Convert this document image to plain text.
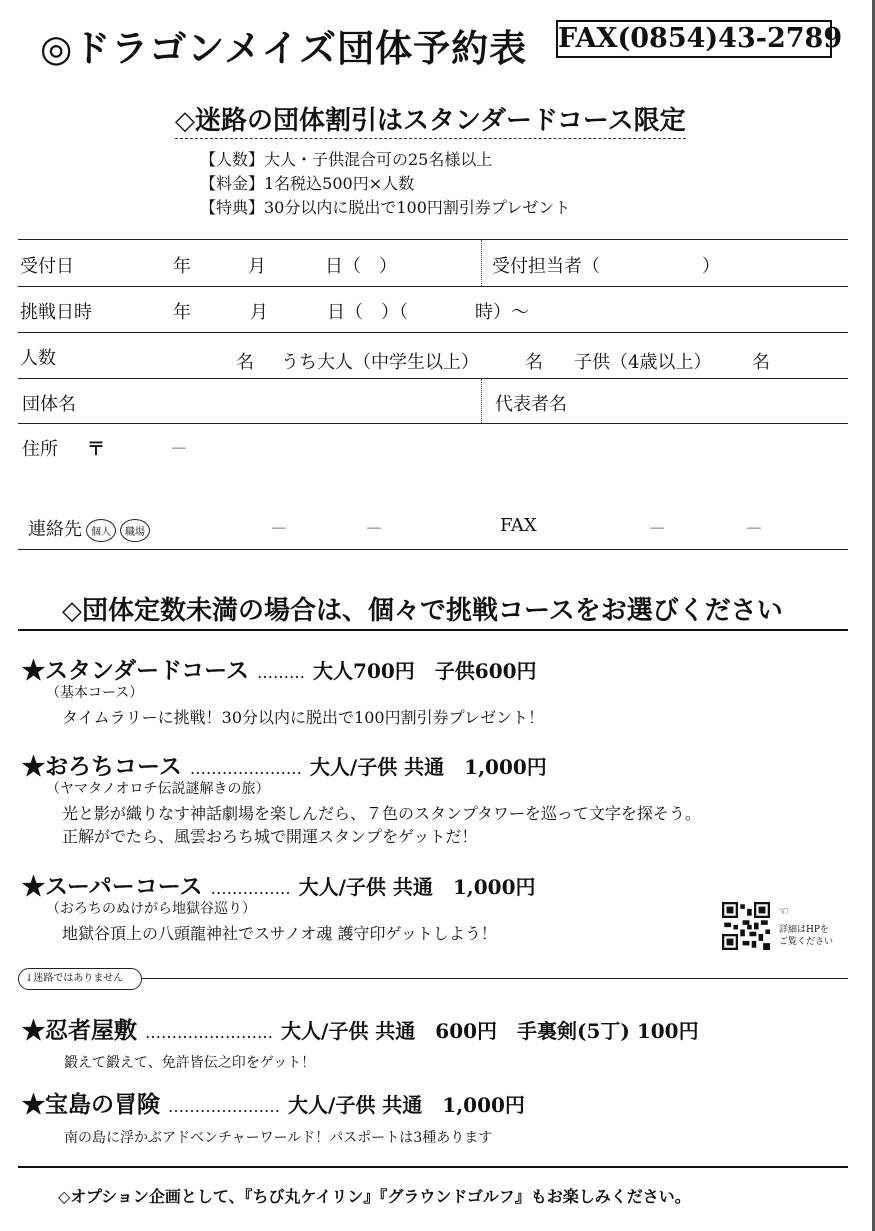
◎ドラゴンメイズ団体予約表 FAX(0854)43-2789
◇迷路の団体割引はスタンダードコース限定
【人数】大人・子供混合可の25名様以上
【料金】1名税込500円×人数
【特典】30分以内に脱出で100円割引券プレゼント
受付日	年	月	日（　）	受付担当者（	）
挑戦日時	年	月	日（　）（	時）～
人数	名 うち大人（中学生以上）	名 子供（4歳以上） 名
団体名	代表者名
住所 〒	－
連絡先 個人 職場	－	－	FAX	－	－
◇団体定数未満の場合は、個々で挑戦コースをお選びください
★スタンダードコース ……… 大人700円　子供600円
（基本コース）
タイムラリーに挑戦！30分以内に脱出で100円割引券プレゼント！
★おろちコース ………………… 大人/子供 共通　1,000円
（ヤマタノオロチ伝説謎解きの旅）
光と影が織りなす神話劇場を楽しんだら、７色のスタンプタワーを巡って文字を探そう。
正解がでたら、風雲おろち城で開運スタンプをゲットだ！
★スーパーコース …………… 大人/子供 共通　1,000円
（おろちのぬけがら地獄谷巡り）
地獄谷頂上の八頭龍神社でスサノオ魂 護守印ゲットしよう！
☜
詳細はHPを
ご覧ください
↓迷路ではありません
★忍者屋敷 …………………… 大人/子供 共通　600円　手裏剣(5丁) 100円
鍛えて鍛えて、免許皆伝之印をゲット！
★宝島の冒険 ………………… 大人/子供 共通　1,000円
南の島に浮かぶアドベンチャーワールド！パスポートは3種あります
◇オプション企画として、『ちび丸ケイリン』『グラウンドゴルフ』もお楽しみください。
